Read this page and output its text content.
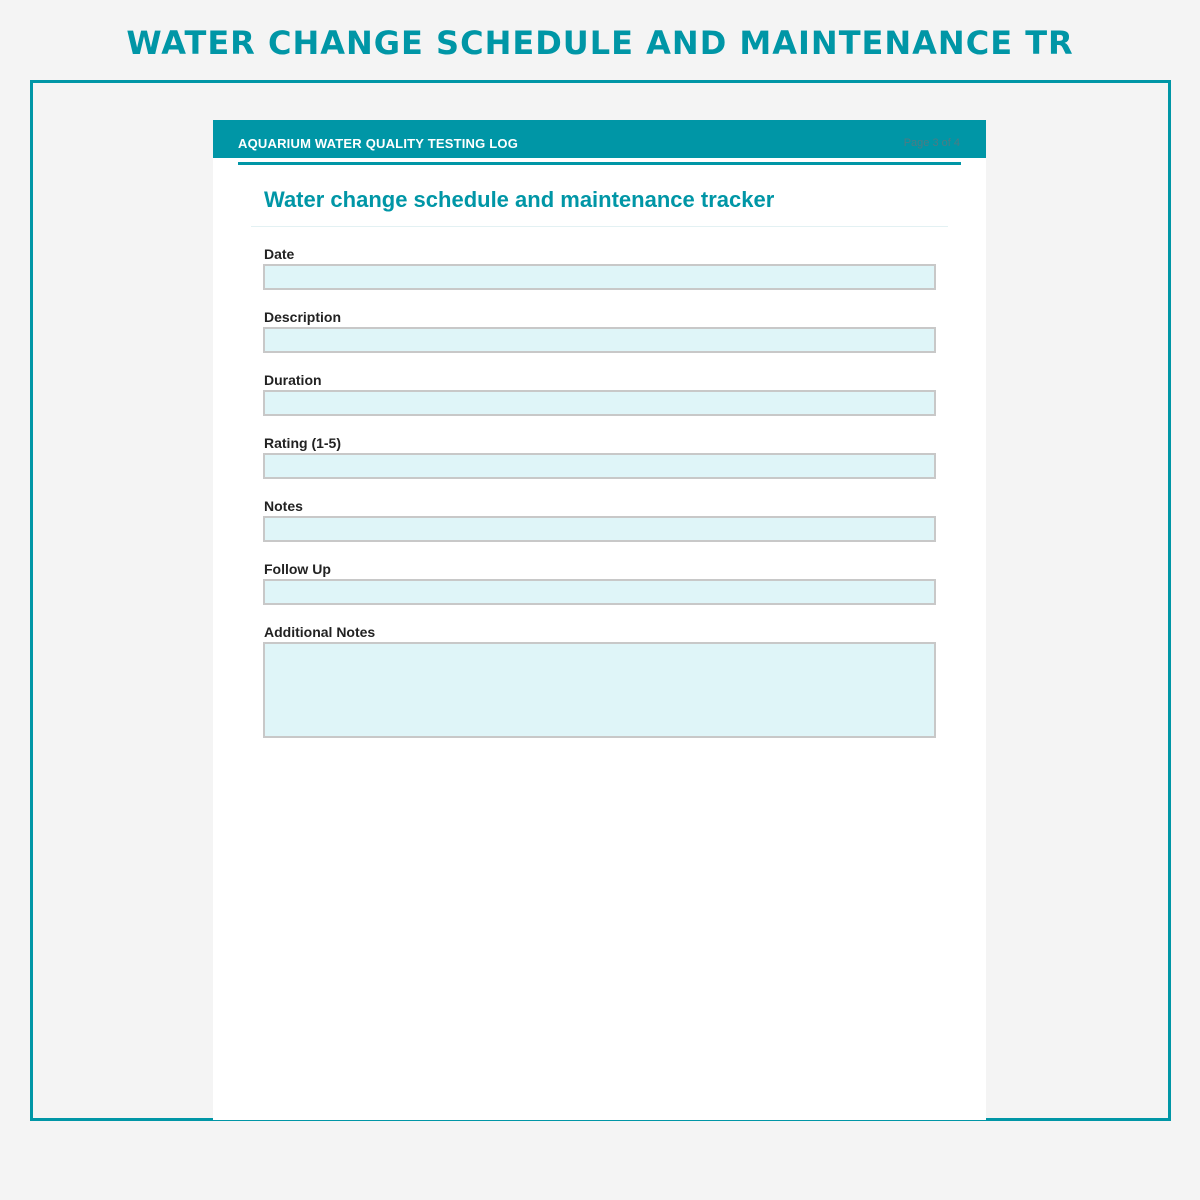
WATER CHANGE SCHEDULE AND MAINTENANCE TR
AQUARIUM WATER QUALITY TESTING LOG	Page 3 of 4
Water change schedule and maintenance tracker
Date
Description
Duration
Rating (1-5)
Notes
Follow Up
Additional Notes
